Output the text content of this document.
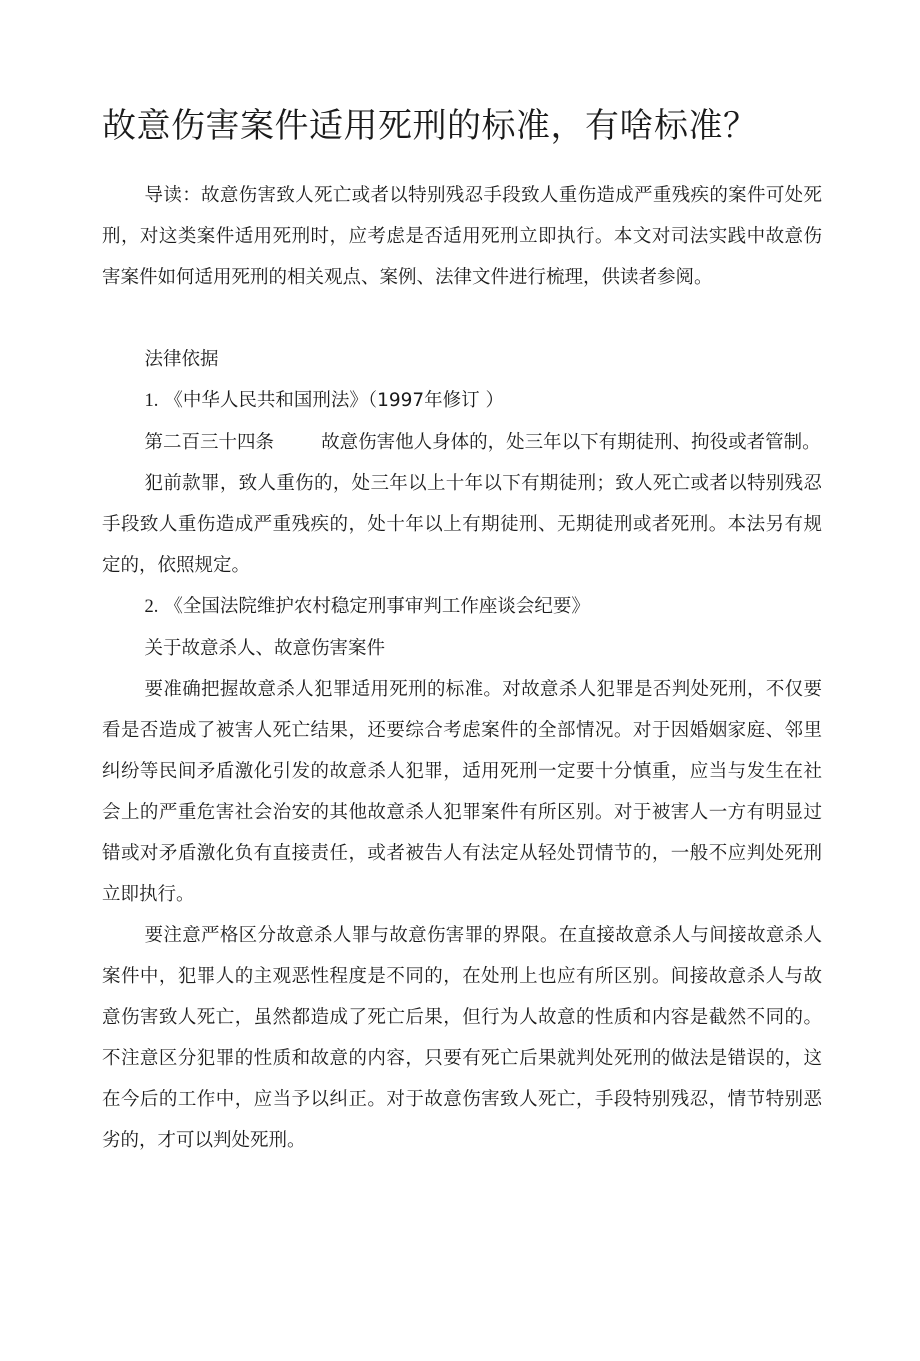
故意伤害案件适用死刑的标准，有啥标准？

导读：故意伤害致人死亡或者以特别残忍手段致人重伤造成严重残疾的案件可处死刑，对这类案件适用死刑时，应考虑是否适用死刑立即执行。本文对司法实践中故意伤害案件如何适用死刑的相关观点、案例、法律文件进行梳理，供读者参阅。

法律依据

1. 《中华人民共和国刑法》（1997年修订 ）

第二百三十四条	故意伤害他人身体的，处三年以下有期徒刑、拘役或者管制。

犯前款罪，致人重伤的，处三年以上十年以下有期徒刑；致人死亡或者以特别残忍手段致人重伤造成严重残疾的，处十年以上有期徒刑、无期徒刑或者死刑。本法另有规定的，依照规定。

2. 《全国法院维护农村稳定刑事审判工作座谈会纪要》

关于故意杀人、故意伤害案件

要准确把握故意杀人犯罪适用死刑的标准。对故意杀人犯罪是否判处死刑，不仅要看是否造成了被害人死亡结果，还要综合考虑案件的全部情况。对于因婚姻家庭、邻里纠纷等民间矛盾激化引发的故意杀人犯罪，适用死刑一定要十分慎重，应当与发生在社会上的严重危害社会治安的其他故意杀人犯罪案件有所区别。对于被害人一方有明显过错或对矛盾激化负有直接责任，或者被告人有法定从轻处罚情节的，一般不应判处死刑立即执行。

要注意严格区分故意杀人罪与故意伤害罪的界限。在直接故意杀人与间接故意杀人案件中，犯罪人的主观恶性程度是不同的，在处刑上也应有所区别。间接故意杀人与故意伤害致人死亡，虽然都造成了死亡后果，但行为人故意的性质和内容是截然不同的。不注意区分犯罪的性质和故意的内容，只要有死亡后果就判处死刑的做法是错误的，这在今后的工作中，应当予以纠正。对于故意伤害致人死亡，手段特别残忍，情节特别恶劣的，才可以判处死刑。
